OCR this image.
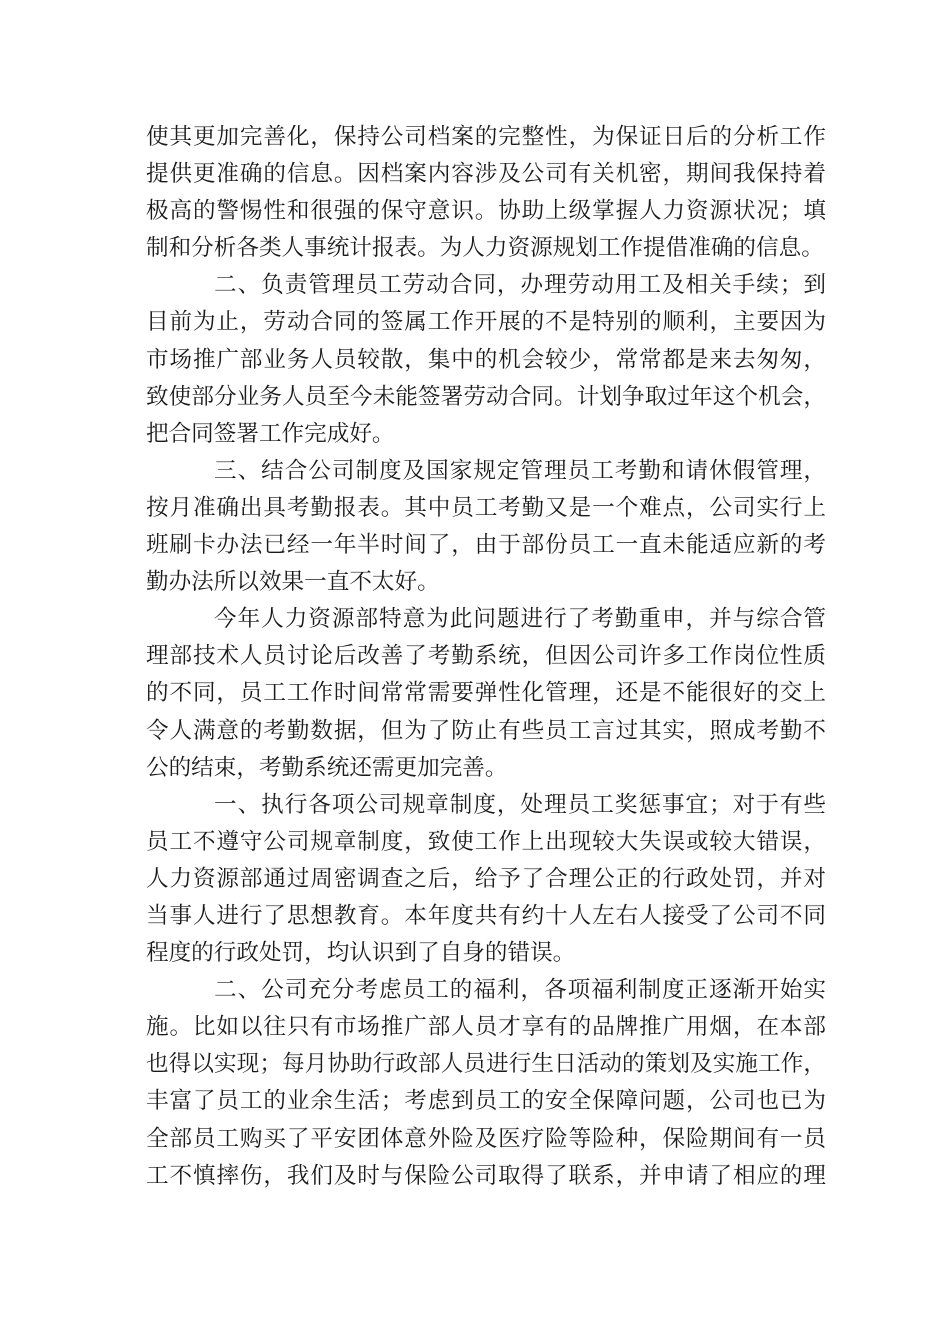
使其更加完善化，保持公司档案的完整性，为保证日后的分析工作
提供更准确的信息。因档案内容涉及公司有关机密，期间我保持着
极高的警惕性和很强的保守意识。协助上级掌握人力资源状况；填
制和分析各类人事统计报表。为人力资源规划工作提借准确的信息。
二、负责管理员工劳动合同，办理劳动用工及相关手续；到
目前为止，劳动合同的签属工作开展的不是特别的顺利，主要因为
市场推广部业务人员较散，集中的机会较少，常常都是来去匆匆，
致使部分业务人员至今未能签署劳动合同。计划争取过年这个机会，
把合同签署工作完成好。
三、结合公司制度及国家规定管理员工考勤和请休假管理，
按月准确出具考勤报表。其中员工考勤又是一个难点，公司实行上
班刷卡办法已经一年半时间了，由于部份员工一直未能适应新的考
勤办法所以效果一直不太好。
今年人力资源部特意为此问题进行了考勤重申，并与综合管
理部技术人员讨论后改善了考勤系统，但因公司许多工作岗位性质
的不同，员工工作时间常常需要弹性化管理，还是不能很好的交上
令人满意的考勤数据，但为了防止有些员工言过其实，照成考勤不
公的结束，考勤系统还需更加完善。
一、执行各项公司规章制度，处理员工奖惩事宜；对于有些
员工不遵守公司规章制度，致使工作上出现较大失误或较大错误，
人力资源部通过周密调查之后，给予了合理公正的行政处罚，并对
当事人进行了思想教育。本年度共有约十人左右人接受了公司不同
程度的行政处罚，均认识到了自身的错误。
二、公司充分考虑员工的福利，各项福利制度正逐渐开始实
施。比如以往只有市场推广部人员才享有的品牌推广用烟，在本部
也得以实现；每月协助行政部人员进行生日活动的策划及实施工作，
丰富了员工的业余生活；考虑到员工的安全保障问题，公司也已为
全部员工购买了平安团体意外险及医疗险等险种，保险期间有一员
工不慎摔伤，我们及时与保险公司取得了联系，并申请了相应的理
